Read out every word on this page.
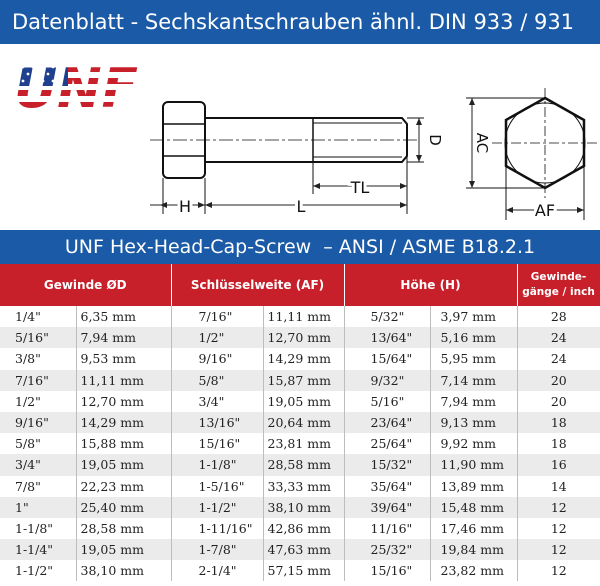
Datenblatt - Sechskantschrauben ähnl. DIN 933 / 931
H	L
TL
D AC
AF
UNF Hex-Head-Cap-Screw  – ANSI / ASME B18.2.1
Gewinde ØD		Schlüsselweite (AF)		Höhe (H)		Gewinde-
gänge / inch
1/4"	6,35 mm	7/16"	11,11 mm	5/32"	3,97 mm	28
5/16"	7,94 mm	1/2"	12,70 mm	13/64"	5,16 mm	24
3/8"	9,53 mm	9/16"	14,29 mm	15/64"	5,95 mm	24
7/16"	11,11 mm	5/8"	15,87 mm	9/32"	7,14 mm	20
1/2"	12,70 mm	3/4"	19,05 mm	5/16"	7,94 mm	20
9/16"	14,29 mm	13/16"	20,64 mm	23/64"	9,13 mm	18
5/8"	15,88 mm	15/16"	23,81 mm	25/64"	9,92 mm	18
3/4"	19,05 mm	1-1/8"	28,58 mm	15/32"	11,90 mm	16
7/8"	22,23 mm	1-5/16"	33,33 mm	35/64"	13,89 mm	14
1"	25,40 mm	1-1/2"	38,10 mm	39/64"	15,48 mm	12
1-1/8"	28,58 mm	1-11/16"	42,86 mm	11/16"	17,46 mm	12
1-1/4"	19,05 mm	1-7/8"	47,63 mm	25/32"	19,84 mm	12
1-1/2"	38,10 mm	2-1/4"	57,15 mm	15/16"	23,82 mm	12
